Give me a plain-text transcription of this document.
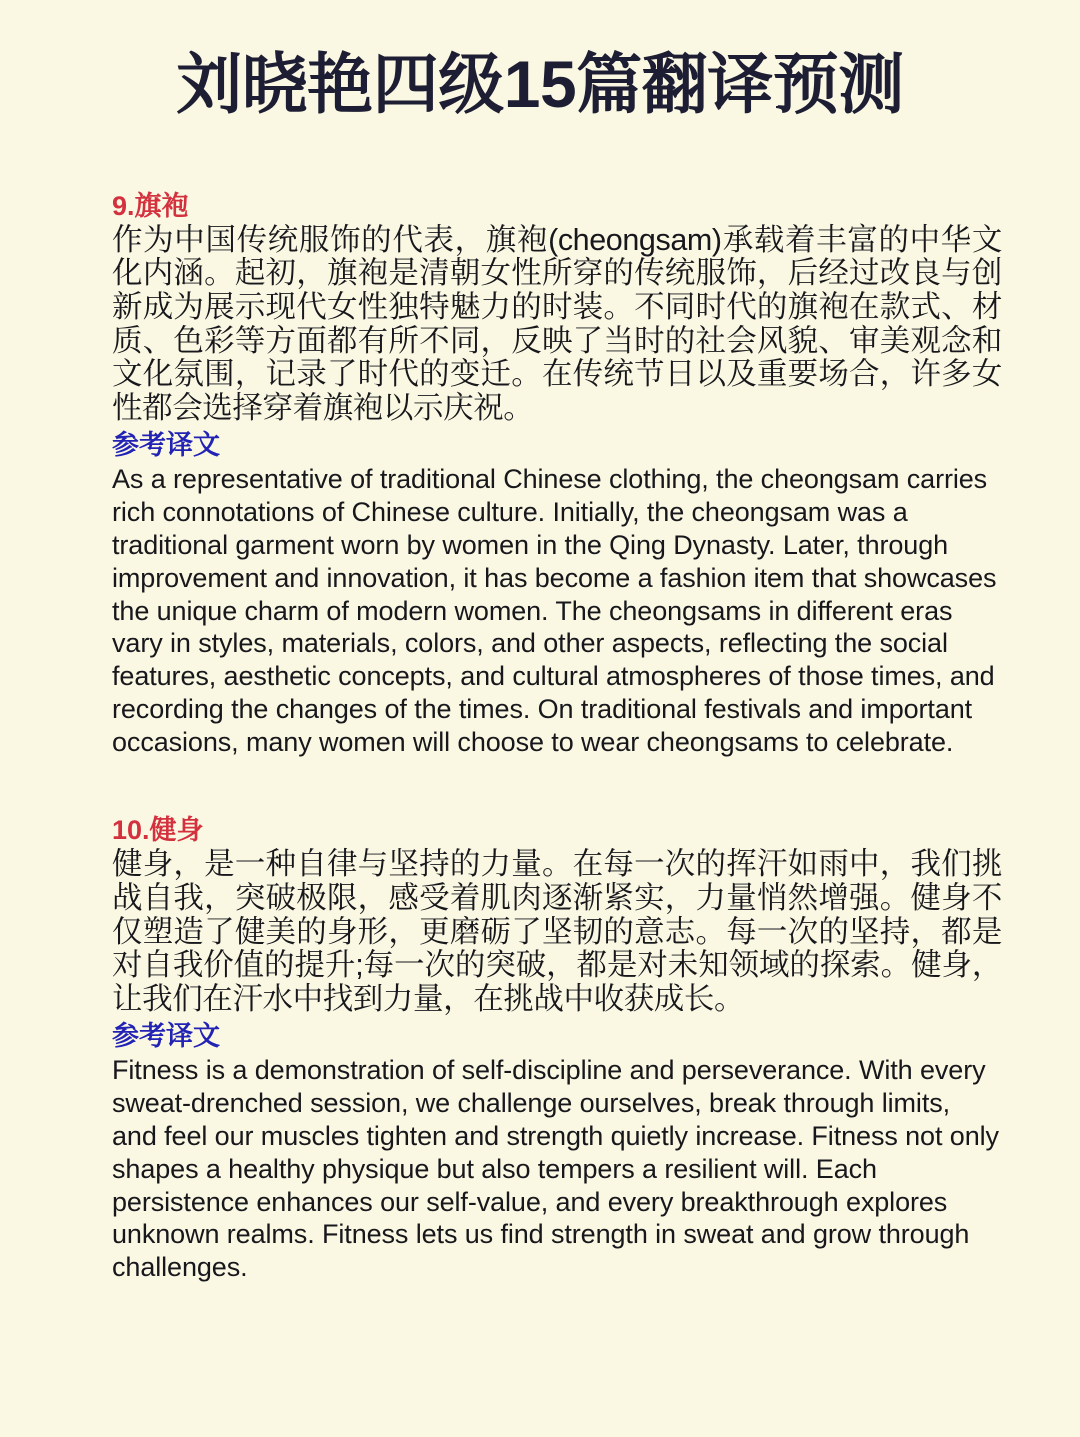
刘晓艳四级15篇翻译预测
9.旗袍

作为中国传统服饰的代表，旗袍(cheongsam)承载着丰富的中华文化内涵。起初，旗袍是清朝女性所穿的传统服饰，后经过改良与创新成为展示现代女性独特魅力的时装。不同时代的旗袍在款式、材质、色彩等方面都有所不同，反映了当时的社会风貌、审美观念和文化氛围，记录了时代的变迁。在传统节日以及重要场合，许多女性都会选择穿着旗袍以示庆祝。

参考译文

As a representative of traditional Chinese clothing, the cheongsam carries rich connotations of Chinese culture. Initially, the cheongsam was a traditional garment worn by women in the Qing Dynasty. Later, through improvement and innovation, it has become a fashion item that showcases the unique charm of modern women. The cheongsams in different eras vary in styles, materials, colors, and other aspects, reflecting the social features, aesthetic concepts, and cultural atmospheres of those times, and recording the changes of the times. On traditional festivals and important occasions, many women will choose to wear cheongsams to celebrate.

10.健身

健身，是一种自律与坚持的力量。在每一次的挥汗如雨中，我们挑战自我，突破极限，感受着肌肉逐渐紧实，力量悄然增强。健身不仅塑造了健美的身形，更磨砺了坚韧的意志。每一次的坚持，都是对自我价值的提升;每一次的突破，都是对未知领域的探索。健身，让我们在汗水中找到力量，在挑战中收获成长。

参考译文

Fitness is a demonstration of self-discipline and perseverance. With every sweat-drenched session, we challenge ourselves, break through limits, and feel our muscles tighten and strength quietly increase. Fitness not only shapes a healthy physique but also tempers a resilient will. Each persistence enhances our self-value, and every breakthrough explores unknown realms. Fitness lets us find strength in sweat and grow through challenges.
